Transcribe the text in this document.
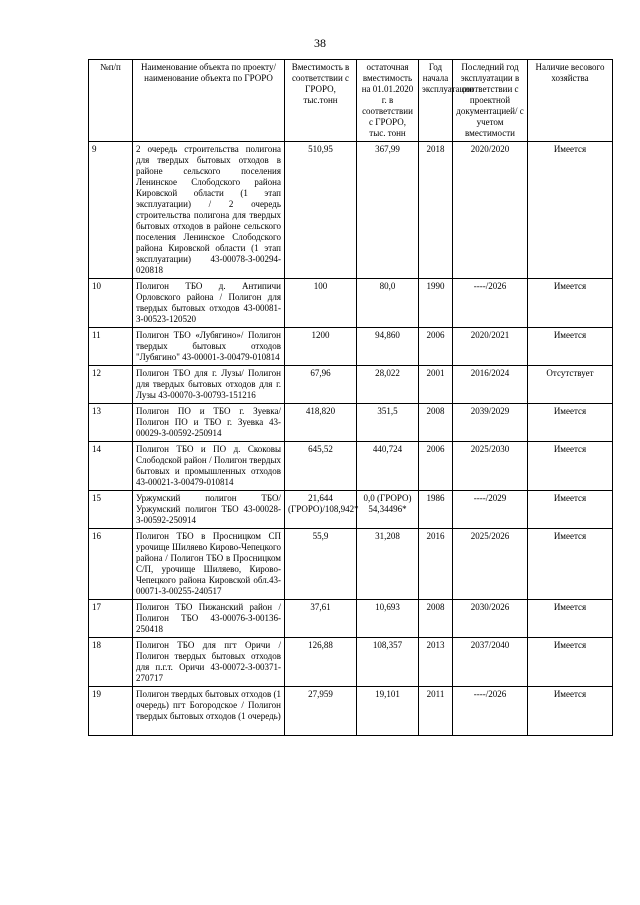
38
№п/п	Наименование объекта по проекту/ наименование объекта по ГРОРО	Вместимость в соответствии с ГРОРО, тыс.тонн	остаточная вместимость на 01.01.2020 г. в соответствии с ГРОРО, тыс. тонн	Год начала эксплуатации	Последний год эксплуатации в соответствии с проектной документацией/ с учетом вместимости	Наличие весового хозяйства
9	2 очередь строительства полигона для твердых бытовых отходов в районе сельского поселения Ленинское Слободского района Кировской области (1 этап эксплуатации) / 2 очередь строительства полигона для твердых бытовых отходов в районе сельского поселения Ленинское Слободского района Кировской области (1 этап эксплуатации) 43-00078-З-00294-020818	510,95	367,99	2018	2020/2020	Имеется
10	Полигон ТБО д. Антипичи Орловского района / Полигон для твердых бытовых отходов 43-00081-З-00523-120520	100	80,0	1990	----/2026	Имеется
11	Полигон ТБО «Лубягино»/ Полигон твердых бытовых отходов "Лубягино" 43-00001-З-00479-010814	1200	94,860	2006	2020/2021	Имеется
12	Полигон ТБО для г. Лузы/ Полигон для твердых бытовых отходов для г. Лузы 43-00070-З-00793-151216	67,96	28,022	2001	2016/2024	Отсутствует
13	Полигон ПО и ТБО г. Зуевка/ Полигон ПО и ТБО г. Зуевка 43-00029-З-00592-250914	418,820	351,5	2008	2039/2029	Имеется
14	Полигон ТБО и ПО д. Скоковы Слободской район / Полигон твердых бытовых и промышленных отходов 43-00021-З-00479-010814	645,52	440,724	2006	2025/2030	Имеется
15	Уржумский полигон ТБО/ Уржумский полигон ТБО 43-00028-З-00592-250914	21,644 (ГРОРО)/108,942*	0,0 (ГРОРО) 54,34496*	1986	----/2029	Имеется
16	Полигон ТБО в Просницком СП урочище Шиляево Кирово-Чепецкого района / Полигон ТБО в Просницком С/П, урочище Шиляево, Кирово-Чепецкого района Кировской обл.43-00071-З-00255-240517	55,9	31,208	2016	2025/2026	Имеется
17	Полигон ТБО Пижанский район / Полигон ТБО 43-00076-З-00136-250418	37,61	10,693	2008	2030/2026	Имеется
18	Полигон ТБО для пгт Оричи / Полигон твердых бытовых отходов для п.г.т. Оричи 43-00072-З-00371-270717	126,88	108,357	2013	2037/2040	Имеется

19	Полигон твердых бытовых отходов (1 очередь) пгт Богородское / Полигон твердых бытовых отходов (1 очередь)	27,959	19,101	2011	----/2026	Имеется
